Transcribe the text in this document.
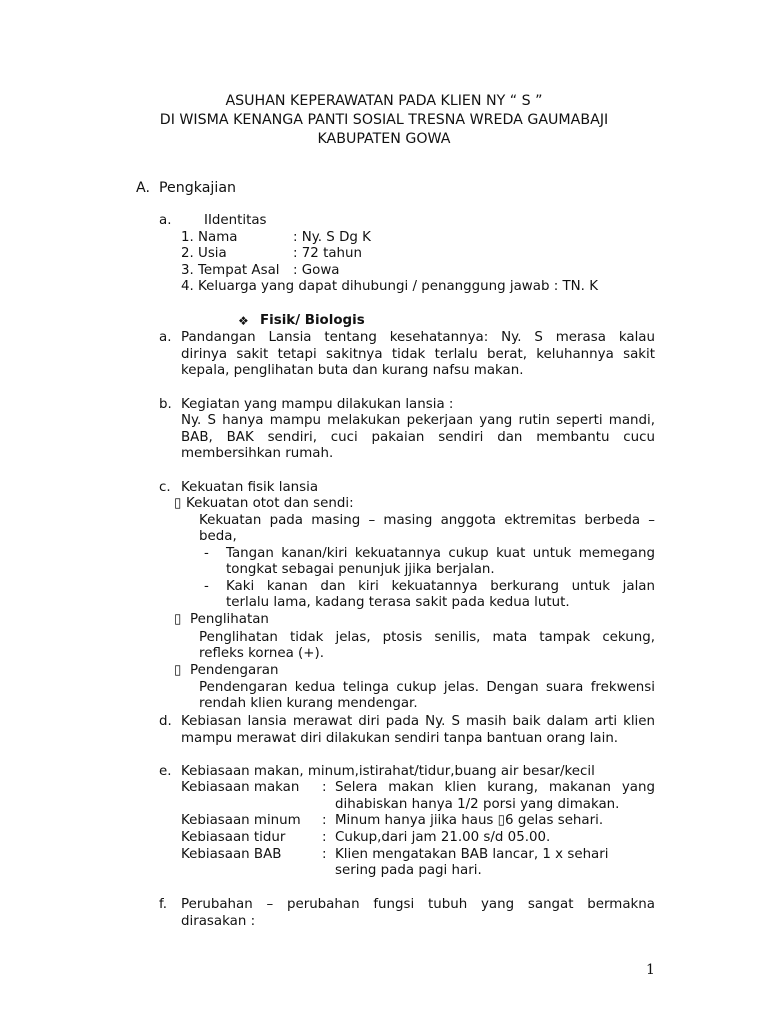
ASUHAN KEPERAWATAN PADA KLIEN NY “ S ”
DI WISMA KENANGA PANTI SOSIAL TRESNA WREDA GAUMABAJI
KABUPATEN GOWA
A. Pengkajian
a. IIdentitas
1. Nama	: Ny. S Dg K
2. Usia	: 72 tahun
3. Tempat Asal : Gowa
4. Keluarga yang dapat dihubungi / penanggung jawab : TN. K
❖ Fisik/ Biologis
a. Pandangan Lansia tentang kesehatannya: Ny. S merasa kalau
dirinya sakit tetapi sakitnya tidak terlalu berat, keluhannya sakit
kepala, penglihatan buta dan kurang nafsu makan.
b. Kegiatan yang mampu dilakukan lansia :
Ny. S hanya mampu melakukan pekerjaan yang rutin seperti mandi,
BAB, BAK sendiri, cuci pakaian sendiri dan membantu cucu
membersihkan rumah.
c. Kekuatan fisik lansia
▯ Kekuatan otot dan sendi:
Kekuatan pada masing – masing anggota ektremitas berbeda –
beda,
- Tangan kanan/kiri kekuatannya cukup kuat untuk memegang
tongkat sebagai penunjuk jjika berjalan.
- Kaki kanan dan kiri kekuatannya berkurang untuk jalan
terlalu lama, kadang terasa sakit pada kedua lutut.
▯ Penglihatan
Penglihatan tidak jelas, ptosis senilis, mata tampak cekung,
refleks kornea (+).
▯ Pendengaran
Pendengaran kedua telinga cukup jelas. Dengan suara frekwensi
rendah klien kurang mendengar.
d. Kebiasan lansia merawat diri pada Ny. S masih baik dalam arti klien
mampu merawat diri dilakukan sendiri tanpa bantuan orang lain.
e. Kebiasaan makan, minum,istirahat/tidur,buang air besar/kecil
Kebiasaan makan : Selera makan klien kurang, makanan yang
dihabiskan hanya 1/2 porsi yang dimakan.
Kebiasaan minum : Minum hanya jiika haus ▯6 gelas sehari.
Kebiasaan tidur	: Cukup,dari jam 21.00 s/d 05.00.
Kebiasaan BAB	: Klien mengatakan BAB lancar, 1 x sehari
sering pada pagi hari.
f. Perubahan – perubahan fungsi tubuh yang sangat bermakna
dirasakan :
1
